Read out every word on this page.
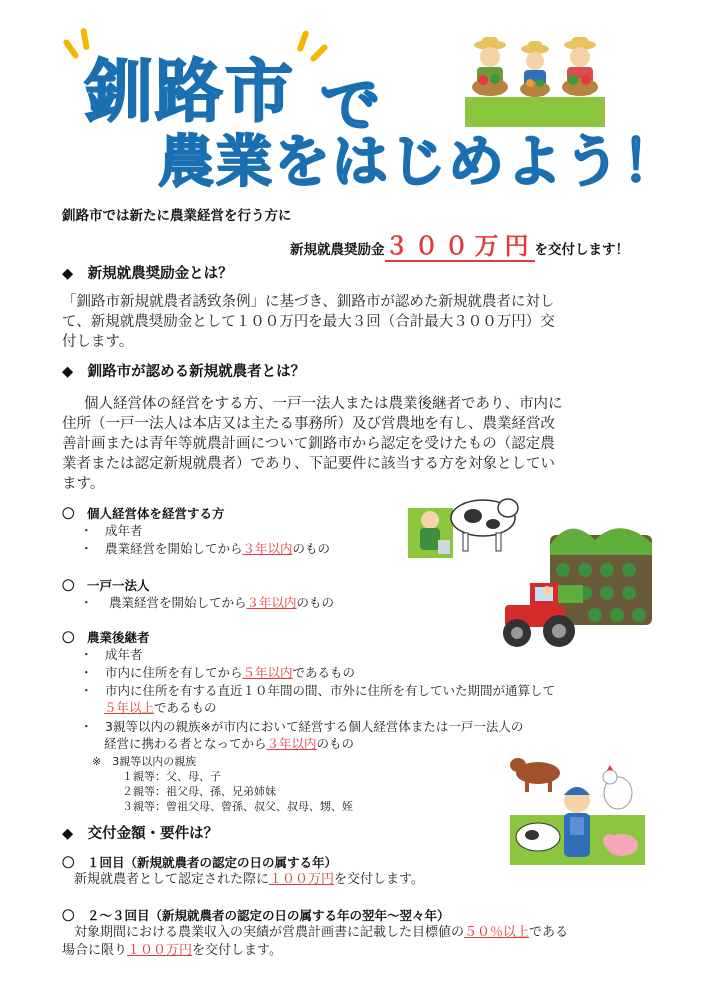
釧路市 で
農業をはじめよう！
釧路市では新たに農業経営を行う方に
新規就農奨励金３００万円を交付します！
◆　新規就農奨励金とは？
「釧路市新規就農者誘致条例」に基づき、釧路市が認めた新規就農者に対し
て、新規就農奨励金として１００万円を最大３回（合計最大３００万円）交
付します。
◆　釧路市が認める新規就農者とは？
個人経営体の経営をする方、一戸一法人または農業後継者であり、市内に
住所（一戸一法人は本店又は主たる事務所）及び営農地を有し、農業経営改
善計画または青年等就農計画について釧路市から認定を受けたもの（認定農
業者または認定新規就農者）であり、下記要件に該当する方を対象としてい
ます。
〇　個人経営体を経営する方
・　成年者
・　農業経営を開始してから３年以内のもの
〇　一戸一法人
・　 農業経営を開始してから３年以内のもの
〇　農業後継者
・　成年者
・　市内に住所を有してから５年以内であるもの
・　市内に住所を有する直近１０年間の間、市外に住所を有していた期間が通算して
５年以上であるもの
・　3親等以内の親族※が市内において経営する個人経営体または一戸一法人の
経営に携わる者となってから３年以内のもの
※　3親等以内の親族
１親等：父、母、子
２親等：祖父母、孫、兄弟姉妹
３親等：曾祖父母、曾孫、叔父、叔母、甥、姪
◆　交付金額・要件は？
〇　１回目（新規就農者の認定の日の属する年）
新規就農者として認定された際に１００万円を交付します。
〇　２～３回目（新規就農者の認定の日の属する年の翌年～翌々年）
対象期間における農業収入の実績が営農計画書に記載した目標値の５０％以上である
場合に限り１００万円を交付します。
